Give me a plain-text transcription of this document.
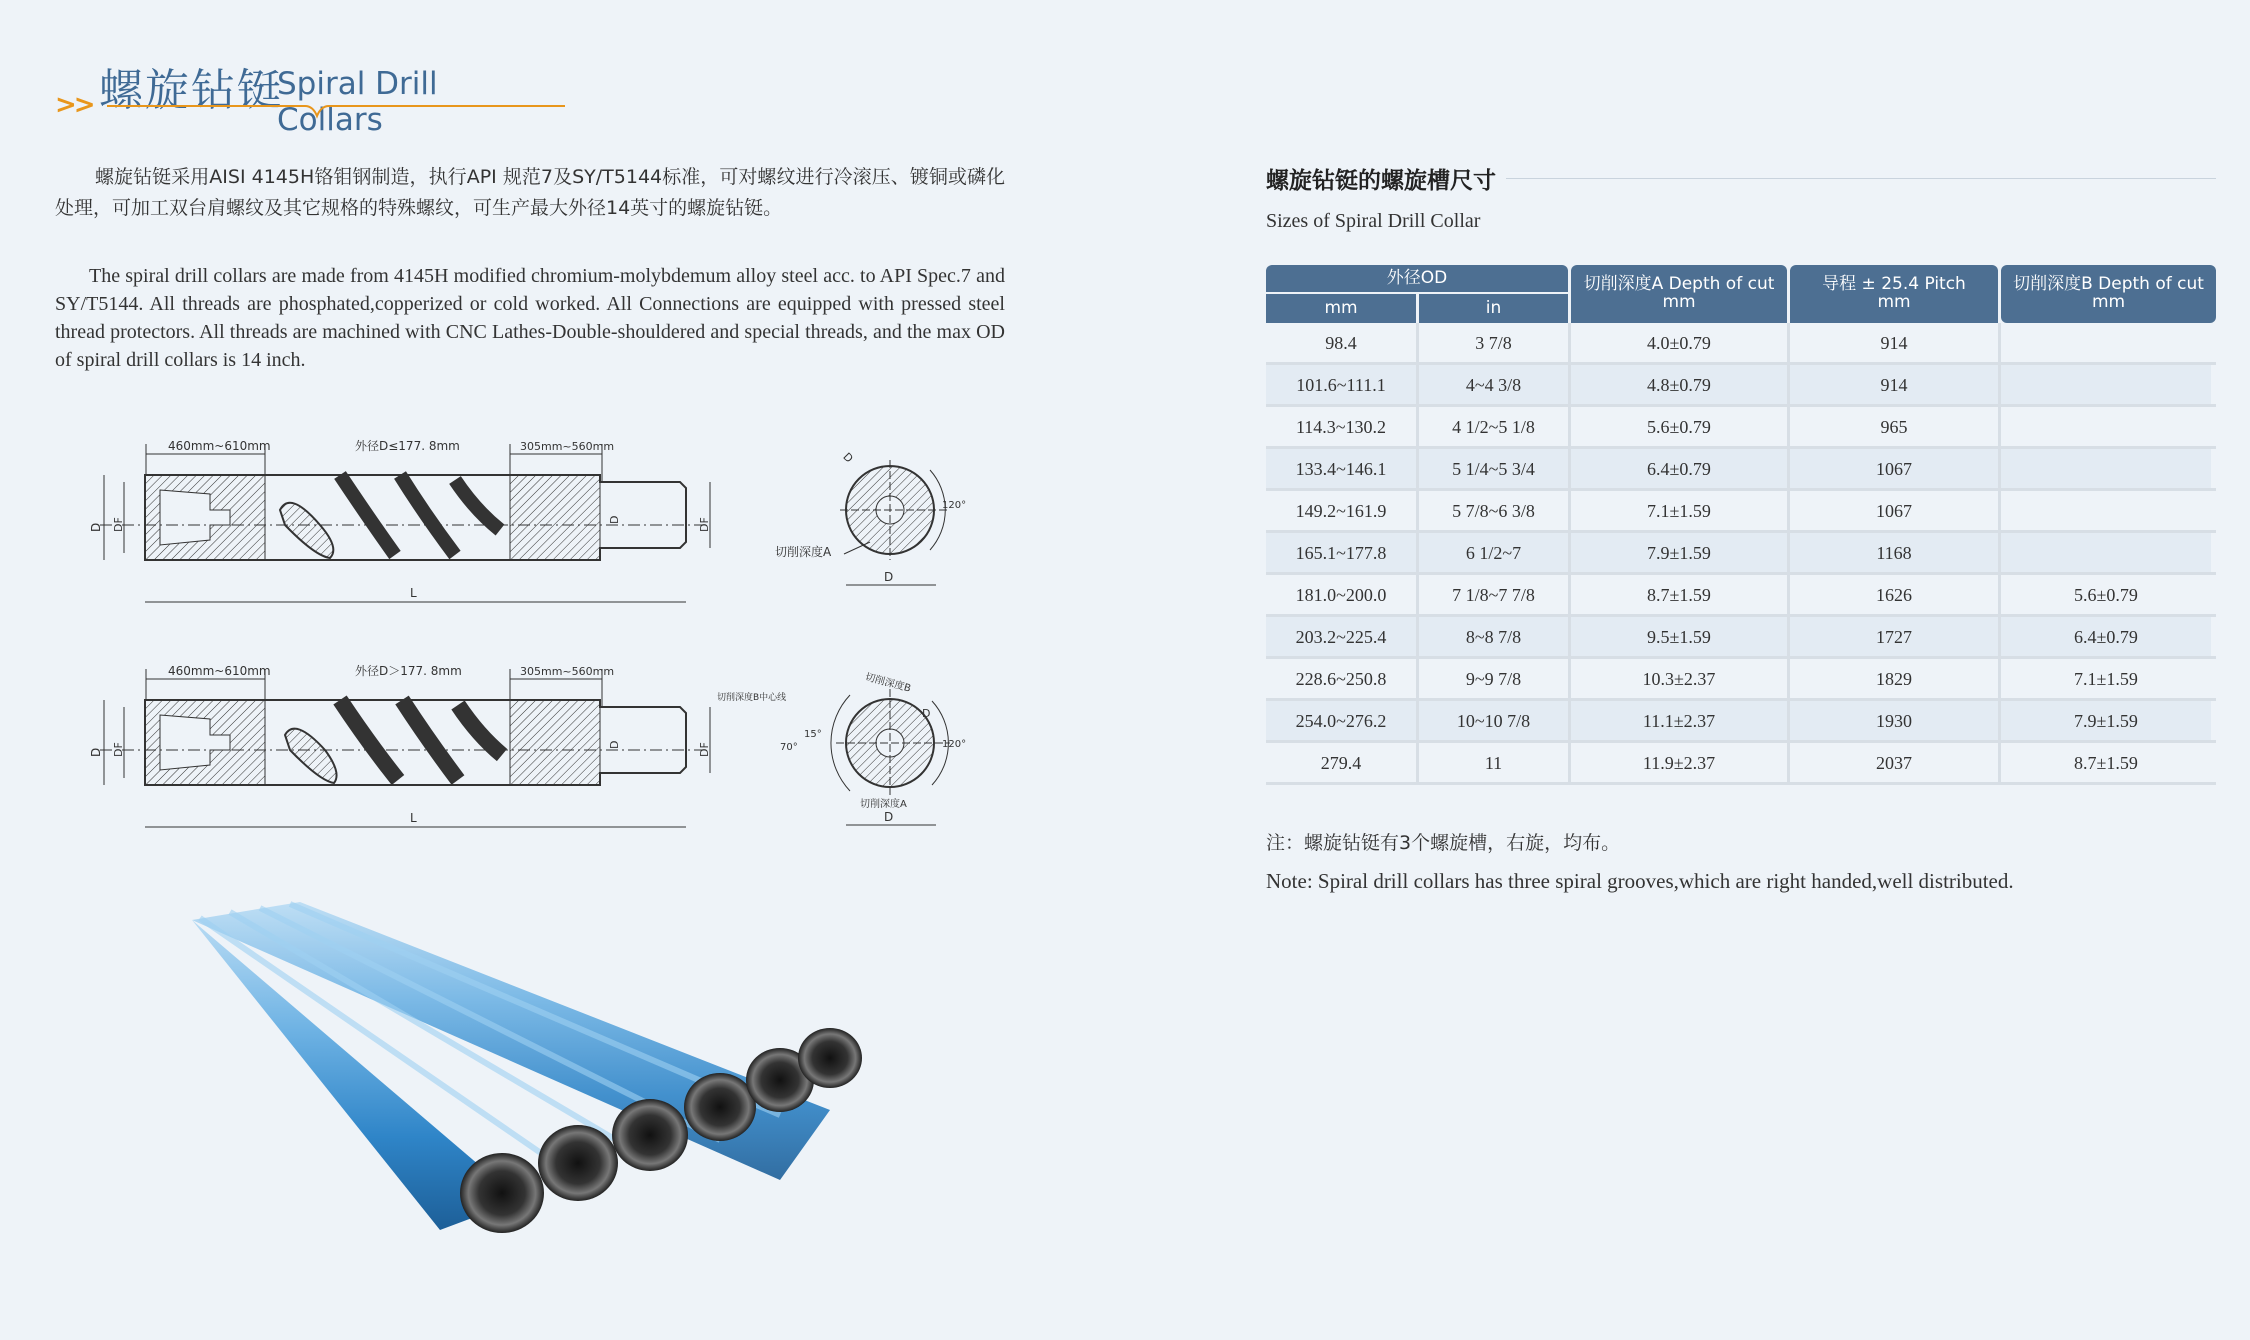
>> 螺旋钻铤
Spiral Drill Collars
螺旋钻铤采用AISI 4145H铬钼钢制造，执行API 规范7及SY/T5144标准，可对螺纹进行冷滚压、镀铜或磷化处理，可加工双台肩螺纹及其它规格的特殊螺纹，可生产最大外径14英寸的螺旋钻铤。
The spiral drill collars are made from 4145H modified chromium-molybdemum alloy steel acc. to API Spec.7 and SY/T5144. All threads are phosphated,copperized or cold worked. All Connections are equipped with pressed steel thread protectors. All threads are machined with CNC Lathes-Double-shouldered and special threads, and the max OD of spiral drill collars is 14 inch.
460mm~610mm	外径D≤177. 8mm	305mm~560mm
D DF	DF
D
L
120°
D
切削深度A
D
460mm~610mm	外径D＞177. 8mm	305mm~560mm
D DF	DF
D
L
切削深度B中心线
切削深度B
切削深度A
120°
70°
15°
D
D
螺旋钻铤的螺旋槽尺寸
Sizes of Spiral Drill Collar
外径OD
mm	in
切削深度A Depth of cut
mm
导程 ± 25.4 Pitch
mm
切削深度B Depth of cut
mm
98.4	3 7/8	4.0±0.79	914
101.6~111.1	4~4 3/8	4.8±0.79	914
114.3~130.2	4 1/2~5 1/8	5.6±0.79	965
133.4~146.1	5 1/4~5 3/4	6.4±0.79	1067
149.2~161.9	5 7/8~6 3/8	7.1±1.59	1067
165.1~177.8	6 1/2~7	7.9±1.59	1168
181.0~200.0	7 1/8~7 7/8	8.7±1.59	1626	5.6±0.79
203.2~225.4	8~8 7/8	9.5±1.59	1727	6.4±0.79
228.6~250.8	9~9 7/8	10.3±2.37	1829	7.1±1.59
254.0~276.2	10~10 7/8	11.1±2.37	1930	7.9±1.59
279.4	11	11.9±2.37	2037	8.7±1.59
注：螺旋钻铤有3个螺旋槽，右旋，均布。
Note: Spiral drill collars has three spiral grooves,which are right handed,well distributed.
